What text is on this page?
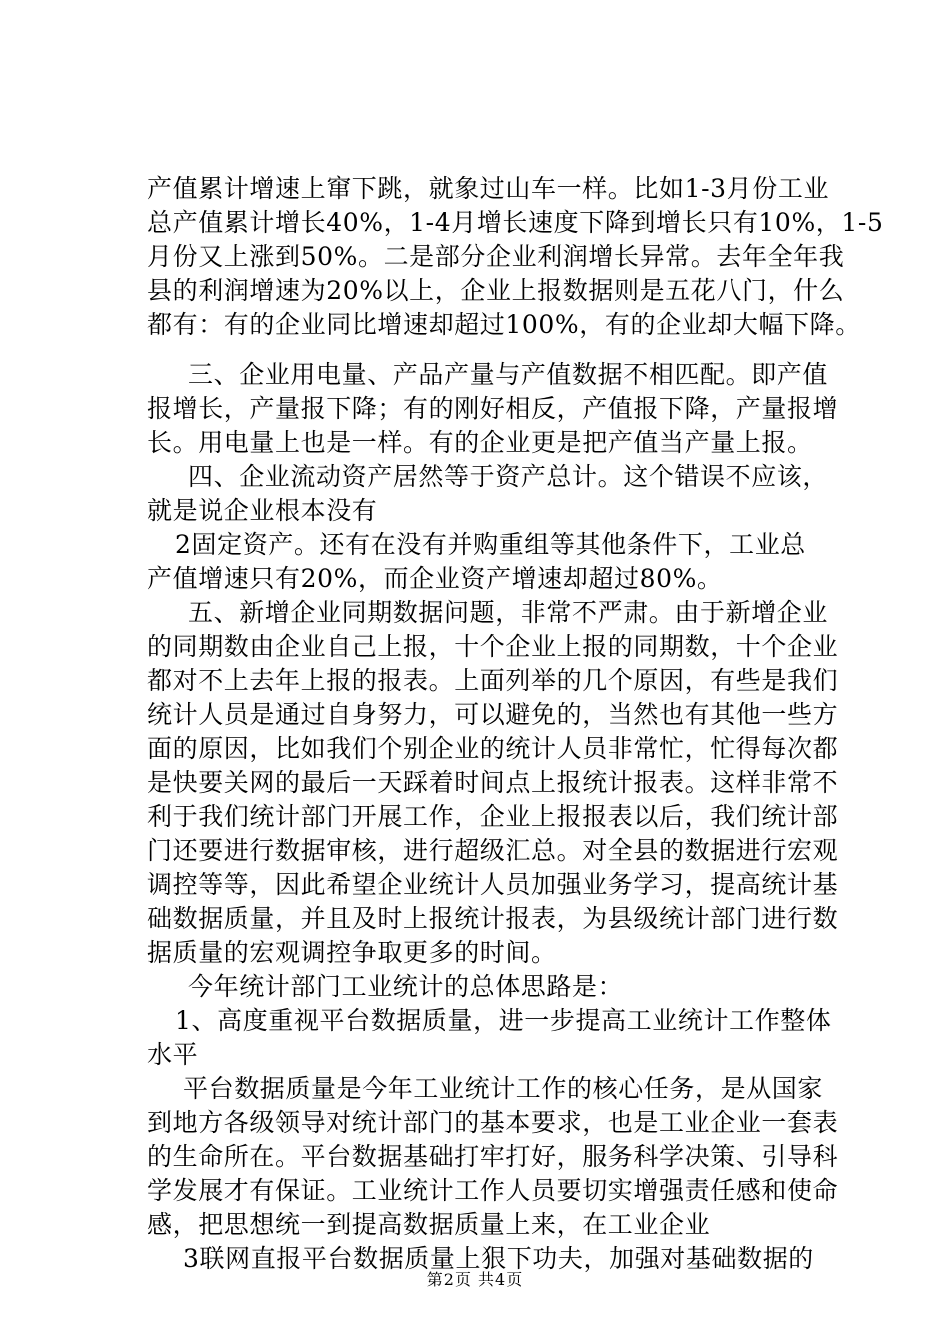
产值累计增速上窜下跳，就象过山车一样。比如1-3月份工业
总产值累计增长40%，1-4月增长速度下降到增长只有10%，1-5
月份又上涨到50%。二是部分企业利润增长异常。去年全年我
县的利润增速为20%以上，企业上报数据则是五花八门，什么
都有：有的企业同比增速却超过100%，有的企业却大幅下降。
三、企业用电量、产品产量与产值数据不相匹配。即产值
报增长，产量报下降；有的刚好相反，产值报下降，产量报增
长。用电量上也是一样。有的企业更是把产值当产量上报。
四、企业流动资产居然等于资产总计。这个错误不应该，
就是说企业根本没有
2固定资产。还有在没有并购重组等其他条件下，工业总
产值增速只有20%，而企业资产增速却超过80%。
五、新增企业同期数据问题，非常不严肃。由于新增企业
的同期数由企业自己上报，十个企业上报的同期数，十个企业
都对不上去年上报的报表。上面列举的几个原因，有些是我们
统计人员是通过自身努力，可以避免的，当然也有其他一些方
面的原因，比如我们个别企业的统计人员非常忙，忙得每次都
是快要关网的最后一天踩着时间点上报统计报表。这样非常不
利于我们统计部门开展工作，企业上报报表以后，我们统计部
门还要进行数据审核，进行超级汇总。对全县的数据进行宏观
调控等等，因此希望企业统计人员加强业务学习，提高统计基
础数据质量，并且及时上报统计报表，为县级统计部门进行数
据质量的宏观调控争取更多的时间。
今年统计部门工业统计的总体思路是：
1、高度重视平台数据质量，进一步提高工业统计工作整体
水平
平台数据质量是今年工业统计工作的核心任务，是从国家
到地方各级领导对统计部门的基本要求，也是工业企业一套表
的生命所在。平台数据基础打牢打好，服务科学决策、引导科
学发展才有保证。工业统计工作人员要切实增强责任感和使命
感，把思想统一到提高数据质量上来，在工业企业
3联网直报平台数据质量上狠下功夫，加强对基础数据的
第2页 共4页
